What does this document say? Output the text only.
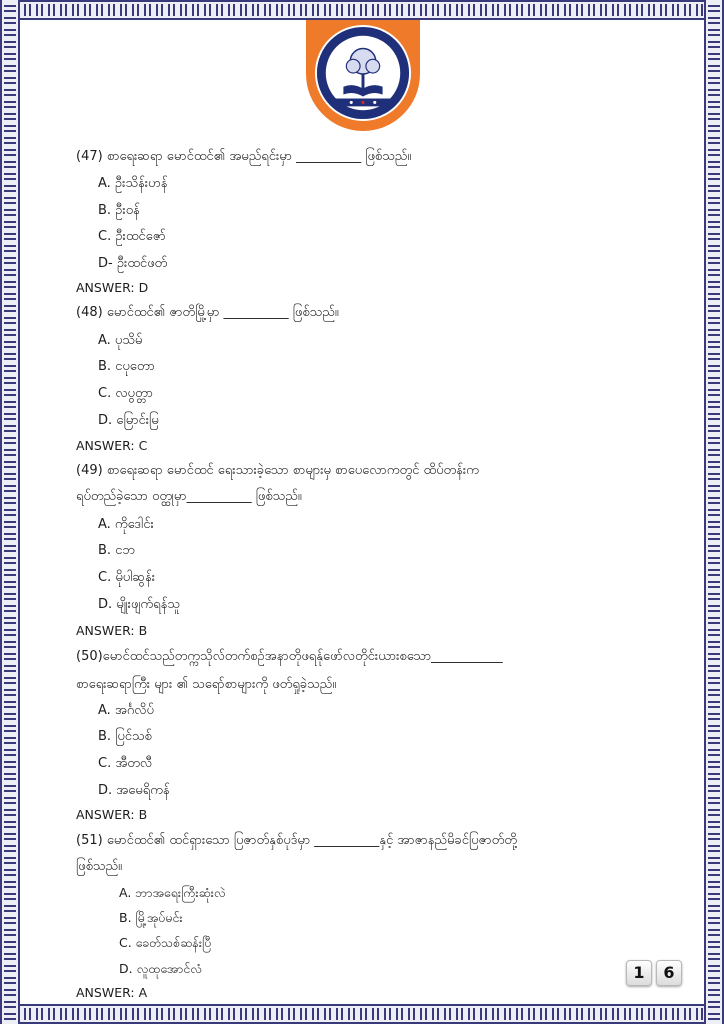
(47) စာရေးဆရာ မောင်ထင်၏ အမည်ရင်းမှာ __________ ဖြစ်သည်။
A. ဦးသိန်းဟန်
B. ဦးဝန်
C. ဦးထင်ဇော်
D- ဦးထင်ဖတ်
ANSWER: D
(48) မောင်ထင်၏ ဇာတိမြို့မှာ __________ ဖြစ်သည်။
A. ပုသိမ်
B. ငပုတော
C. လပွတ္တာ
D. မြောင်းမြ
ANSWER: C
(49) စာရေးဆရာ မောင်ထင် ရေးသားခဲ့သော စာများမှ စာပေလောကတွင် ထိပ်တန်းက
ရပ်တည်ခဲ့သော ဝတ္ထုမှာ__________ ဖြစ်သည်။
A. ကိုဒေါင်း
B. ငဘ
C. မိုပါဆွန်း
D. မျိုးဖျက်ရန်သူ
ANSWER: B
(50)မောင်ထင်သည်တက္ကသိုလ်တက်စဉ်အနာတိုဖရန်ုဖော်လတိုင်းယားစသော___________
စာရေးဆရာကြီး များ ၏ သရော်စာများကို ဖတ်ရှုခဲ့သည်။
A. အင်္ဂလိပ်
B. ပြင်သစ်
C. အီတလီ
D. အမေရိကန်
ANSWER: B
(51) မောင်ထင်၏ ထင်ရှားသော ပြဇာတ်နှစ်ပုဒ်မှာ __________နှင့် အာဇာနည်မိခင်ပြဇာတ်တို့
ဖြစ်သည်။
A. ဘာအရေးကြီးဆုံးလဲ
B. မြို့အုပ်မင်း
C. ခေတ်သစ်ဆန်းပြီ
D. လူထုအောင်လံ
ANSWER: A
1	6
